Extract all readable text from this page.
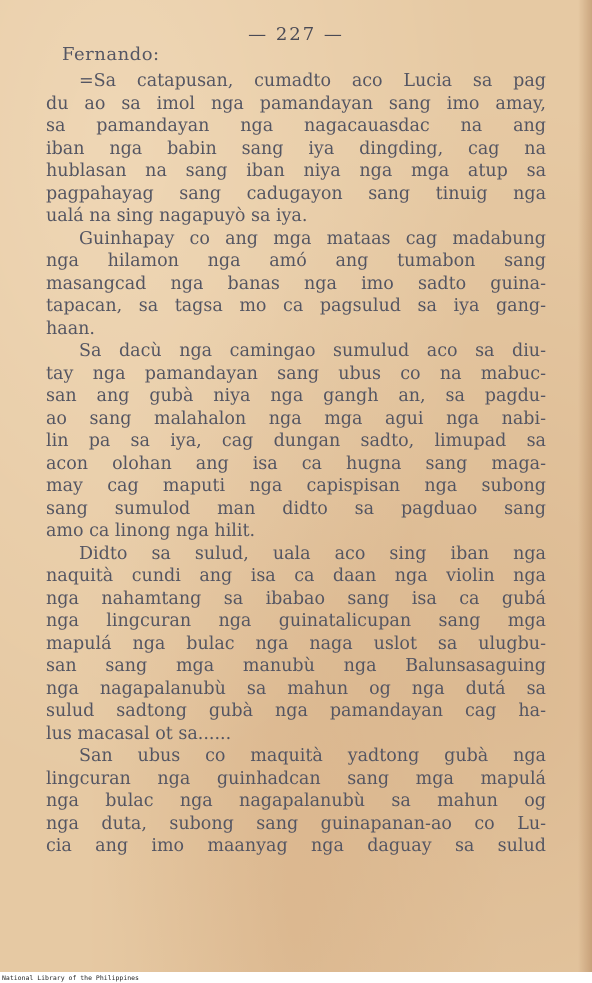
— 227 —
Fernando:
=Sa catapusan, cumadto aco Lucia sa pag
du ao sa imol nga pamandayan sang imo amay,
sa pamandayan nga nagacauasdac na ang
iban nga babin sang iya dingding, cag na
hublasan na sang iban niya nga mga atup sa
pagpahayag sang cadugayon sang tinuig nga
ualá na sing nagapuyò sa iya.
Guinhapay co ang mga mataas cag madabung
nga hilamon nga amó ang tumabon sang
masangcad nga banas nga imo sadto guina-
tapacan, sa tagsa mo ca pagsulud sa iya gang-
haan.
Sa dacù nga camingao sumulud aco sa diu-
tay nga pamandayan sang ubus co na mabuc-
san ang gubà niya nga gangh an, sa pagdu-
ao sang malahalon nga mga agui nga nabi-
lin pa sa iya, cag dungan sadto, limupad sa
acon olohan ang isa ca hugna sang maga-
may cag maputi nga capispisan nga subong
sang sumulod man didto sa pagduao sang
amo ca linong nga hilit.
Didto sa sulud, uala aco sing iban nga
naquità cundi ang isa ca daan nga violin nga
nga nahamtang sa ibabao sang isa ca gubá
nga lingcuran nga guinatalicupan sang mga
mapulá nga bulac nga naga uslot sa ulugbu-
san sang mga manubù nga Balunsasaguing
nga nagapalanubù sa mahun og nga dutá sa
sulud sadtong gubà nga pamandayan cag ha-
lus macasal ot sa......
San ubus co maquità yadtong gubà nga
lingcuran nga guinhadcan sang mga mapulá
nga bulac nga nagapalanubù sa mahun og
nga duta, subong sang guinapanan-ao co Lu-
cia ang imo maanyag nga daguay sa sulud
National Library of the Philippines
